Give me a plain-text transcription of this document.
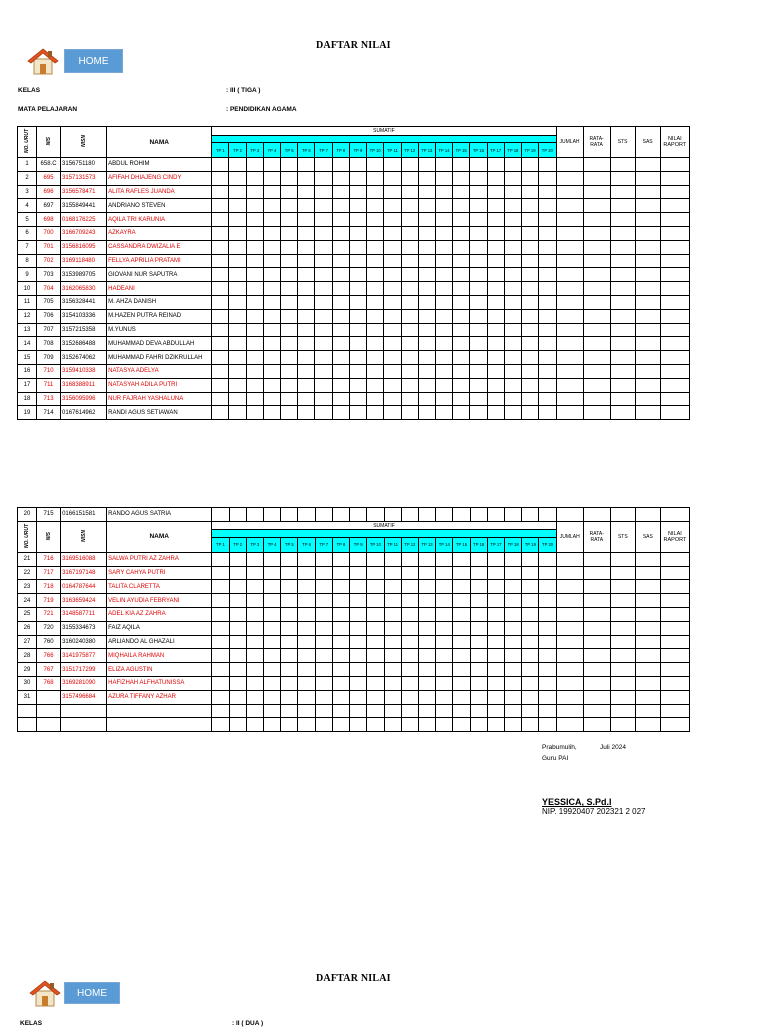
DAFTAR NILAI
HOME
KELAS	: III ( TIGA )
MATA PELAJARAN	: PENDIDIKAN AGAMA
NO. URUT	NIS	NISN	NAMA	SUMATIF																				JUMLAH	RATA-RATA	STS	SAS	NILAI RAPORT

				TP 1	TP 2	TP 3	TP 4	TP 5	TP 6	TP 7	TP 8	TP 9	TP 10	TP 11	TP 12	TP 13	TP 14	TP 15	TP 16	TP 17	TP 18	TP 19	TP 20					
1	658.C	3156751180	ABDUL ROHIM																									
2	695	3157131573	AFIFAH DHIAJENG CINDY																									
3	696	3156578471	ALITA RAFLES JUANDA																									
4	697	3155849441	ANDRIANO STEVEN																									
5	698	0168176225	AQILA TRI KARUNIA																									
6	700	3166709243	AZKAYRA																									
7	701	3156816095	CASSANDRA DWIZALIA E																									
8	702	3169118480	FELLYA APRILIA PRATAMI																									
9	703	3153989705	GIOVANI NUR SAPUTRA																									
10	704	3162065830	HADEANI																									
11	705	3156328441	M. AHZA DANISH																									
12	706	3154103336	M.HAZEN PUTRA REINAD																									
13	707	3157215358	M.YUNUS																									
14	708	3152686488	MUHAMMAD DEVA ABDULLAH																									
15	709	3152674062	MUHAMMAD FAHRI DZIKRULLAH																									
16	710	3159410338	NATASYA ADELYA																									
17	711	3168388911	NATASYAH ADILA PUTRI																									
18	713	3156095996	NUR FAJRAH YASHALUNA																									
19	714	0167614962	RANDI AGUS SETIAWAN																									
20	715	0166151581	RANDO AGUS SATRIA																									
NO. URUT	NIS	NISN	NAMA	SUMATIF																				JUMLAH	RATA-RATA	STS	SAS	NILAI RAPORT

				TP 1	TP 2	TP 3	TP 4	TP 5	TP 6	TP 7	TP 8	TP 9	TP 10	TP 11	TP 12	TP 13	TP 14	TP 15	TP 16	TP 17	TP 18	TP 19	TP 20					
21	716	3169516088	SALWA PUTRI AZ ZAHRA																									
22	717	3167197148	SARY CAHYA PUTRI																									
23	718	0164787644	TALITA CLARETTA																									
24	719	3163659424	VELIN AYUDIA FEBRYANI																									
25	721	3148587711	ADEL KIA AZ ZAHRA																									
26	720	3155334673	FAIZ AQILA																									
27	760	3160240380	ARLIANDO AL GHAZALI																									
28	766	3141975877	MIQHAILA RAHMAN																									
29	767	3151717299	ELIZA AGUSTIN																									
30	768	3169281090	HAFIZHAH ALFHATUNISSA																									
31		3157496684	AZURA TIFFANY AZHAR																									

Prabumulih,	Juli 2024
Guru PAI
YESSICA, S.Pd.I
NIP. 19920407 202321 2 027
DAFTAR NILAI
HOME
KELAS	: II ( DUA )
